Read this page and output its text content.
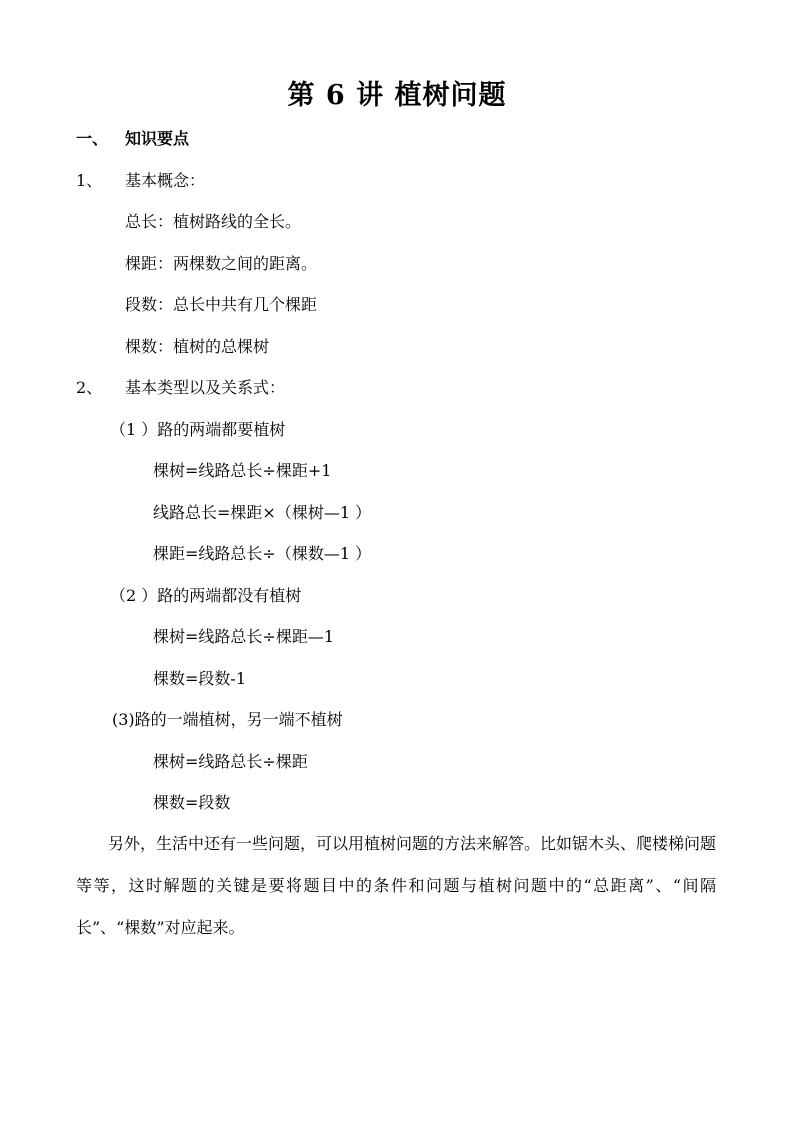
第 6 讲 植树问题
一、 知识要点
1、 基本概念：
总长：植树路线的全长。
棵距：两棵数之间的距离。
段数：总长中共有几个棵距
棵数：植树的总棵树
2、 基本类型以及关系式：
（1 ）路的两端都要植树
棵树=线路总长÷棵距+1
线路总长=棵距×（棵树—1 ）
棵距=线路总长÷（棵数—1 ）
（2 ）路的两端都没有植树
棵树=线路总长÷棵距—1
棵数=段数-1
(3)路的一端植树，另一端不植树
棵树=线路总长÷棵距
棵数=段数
另外，生活中还有一些问题，可以用植树问题的方法来解答。比如锯木头、爬楼梯问题等等，这时解题的关键是要将题目中的条件和问题与植树问题中的“总距离”、“间隔长”、“棵数”对应起来。
